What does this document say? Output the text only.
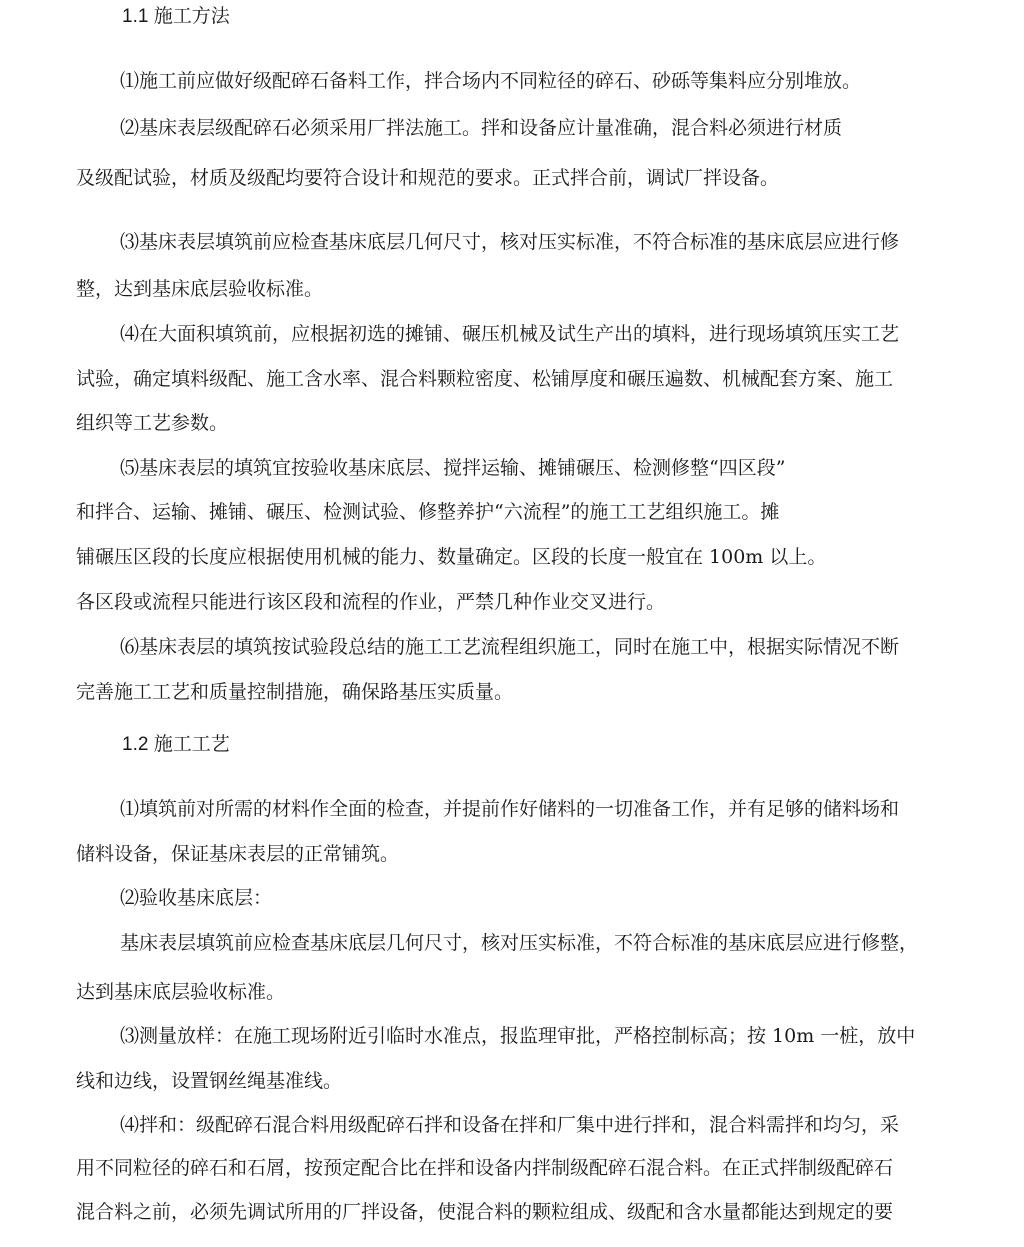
1.1 施工方法

⑴施工前应做好级配碎石备料工作，拌合场内不同粒径的碎石、砂砾等集料应分别堆放。

⑵基床表层级配碎石必须采用厂拌法施工。拌和设备应计量准确，混合料必须进行材质

及级配试验，材质及级配均要符合设计和规范的要求。正式拌合前，调试厂拌设备。

⑶基床表层填筑前应检查基床底层几何尺寸，核对压实标准，不符合标准的基床底层应进行修

整，达到基床底层验收标准。

⑷在大面积填筑前，应根据初选的摊铺、碾压机械及试生产出的填料，进行现场填筑压实工艺

试验，确定填料级配、施工含水率、混合料颗粒密度、松铺厚度和碾压遍数、机械配套方案、施工

组织等工艺参数。

⑸基床表层的填筑宜按验收基床底层、搅拌运输、摊铺碾压、检测修整“四区段”

和拌合、运输、摊铺、碾压、检测试验、修整养护“六流程”的施工工艺组织施工。摊

铺碾压区段的长度应根据使用机械的能力、数量确定。区段的长度一般宜在 100m 以上。

各区段或流程只能进行该区段和流程的作业，严禁几种作业交叉进行。

⑹基床表层的填筑按试验段总结的施工工艺流程组织施工，同时在施工中，根据实际情况不断

完善施工工艺和质量控制措施，确保路基压实质量。

1.2 施工工艺

⑴填筑前对所需的材料作全面的检查，并提前作好储料的一切准备工作，并有足够的储料场和

储料设备，保证基床表层的正常铺筑。

⑵验收基床底层：

基床表层填筑前应检查基床底层几何尺寸，核对压实标准，不符合标准的基床底层应进行修整，

达到基床底层验收标准。

⑶测量放样：在施工现场附近引临时水准点，报监理审批，严格控制标高；按 10m 一桩，放中

线和边线，设置钢丝绳基准线。

⑷拌和：级配碎石混合料用级配碎石拌和设备在拌和厂集中进行拌和，混合料需拌和均匀，采

用不同粒径的碎石和石屑，按预定配合比在拌和设备内拌制级配碎石混合料。在正式拌制级配碎石

混合料之前，必须先调试所用的厂拌设备，使混合料的颗粒组成、级配和含水量都能达到规定的要
